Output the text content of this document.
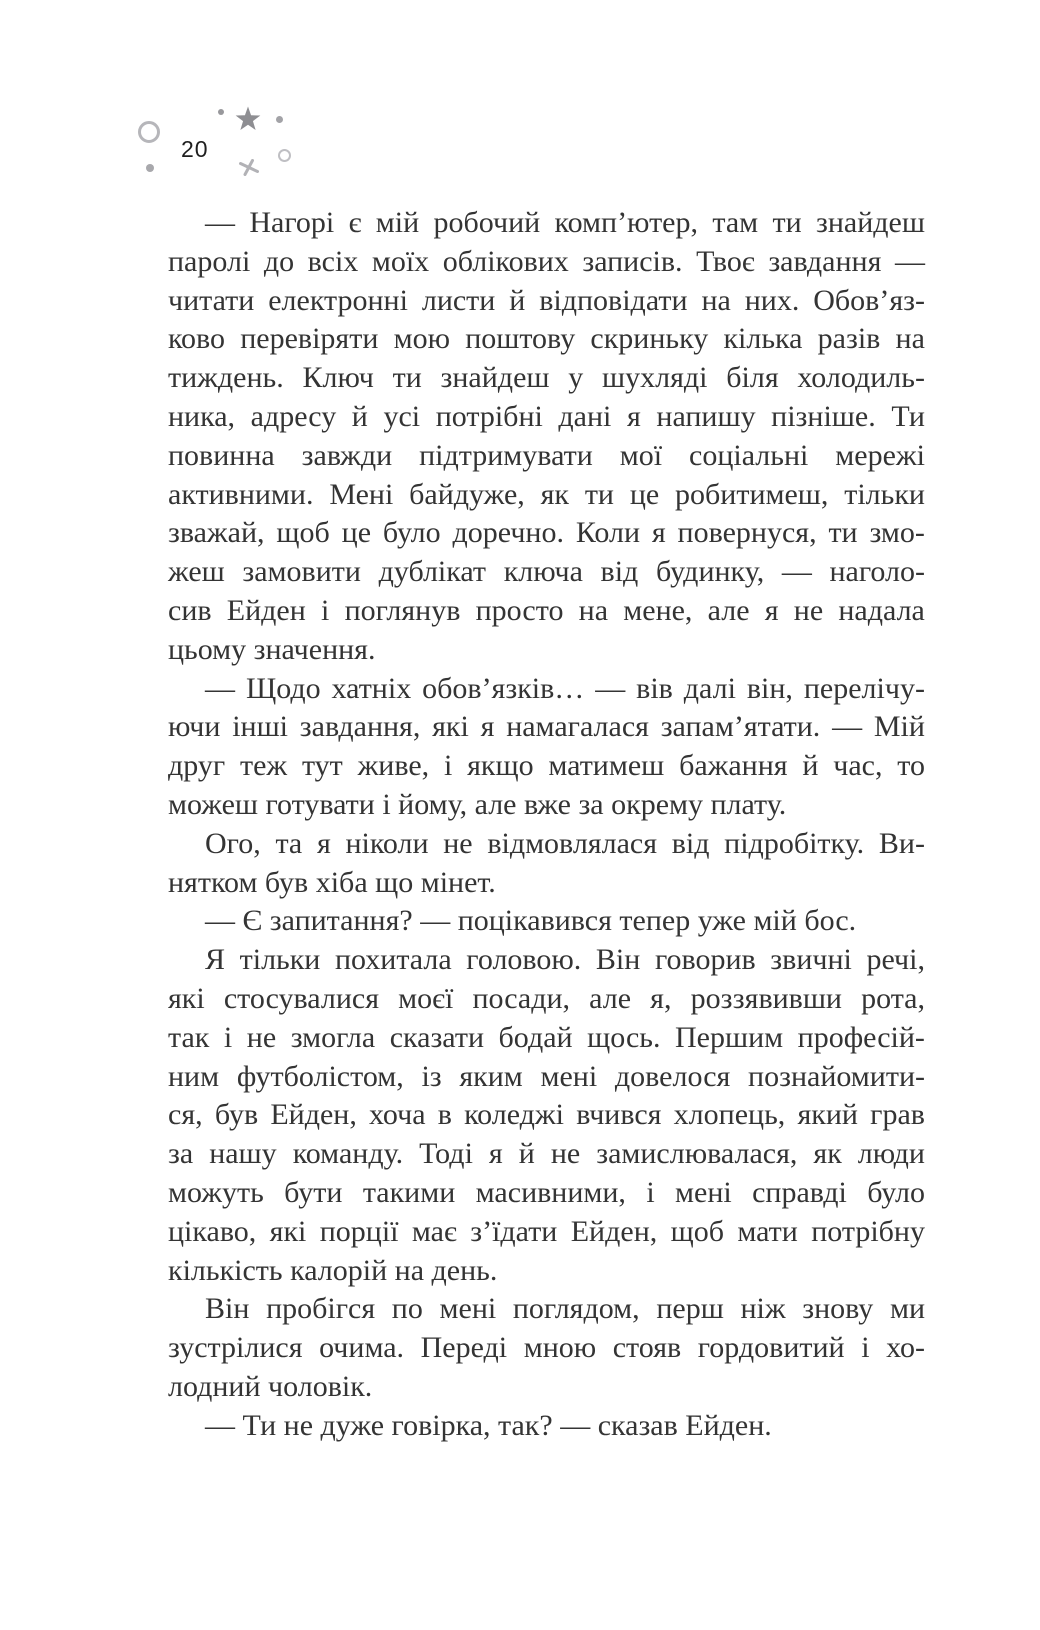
20
— Нагорі є мій робочий комп’ютер, там ти знайдеш
паролі до всіх моїх облікових записів. Твоє завдання —
читати електронні листи й відповідати на них. Обов’яз-
ково перевіряти мою поштову скриньку кілька разів на
тиждень. Ключ ти знайдеш у шухляді біля холодиль-
ника, адресу й усі потрібні дані я напишу пізніше. Ти
повинна завжди підтримувати мої соціальні мережі
активними. Мені байдуже, як ти це робитимеш, тільки
зважай, щоб це було доречно. Коли я повернуся, ти змо-
жеш замовити дублікат ключа від будинку, — наголо-
сив Ейден і поглянув просто на мене, але я не надала
цьому значення.
— Щодо хатніх обов’язків… — вів далі він, перелічу-
ючи інші завдання, які я намагалася запам’ятати. — Мій
друг теж тут живе, і якщо матимеш бажання й час, то
можеш готувати і йому, але вже за окрему плату.
Ого, та я ніколи не відмовлялася від підробітку. Ви-
нятком був хіба що мінет.
— Є запитання? — поцікавився тепер уже мій бос.
Я тільки похитала головою. Він говорив звичні речі,
які стосувалися моєї посади, але я, роззявивши рота,
так і не змогла сказати бодай щось. Першим професій-
ним футболістом, із яким мені довелося познайомити-
ся, був Ейден, хоча в коледжі вчився хлопець, який грав
за нашу команду. Тоді я й не замислювалася, як люди
можуть бути такими масивними, і мені справді було
цікаво, які порції має з’їдати Ейден, щоб мати потрібну
кількість калорій на день.
Він пробігся по мені поглядом, перш ніж знову ми
зустрілися очима. Переді мною стояв гордовитий і хо-
лодний чоловік.
— Ти не дуже говірка, так? — сказав Ейден.
